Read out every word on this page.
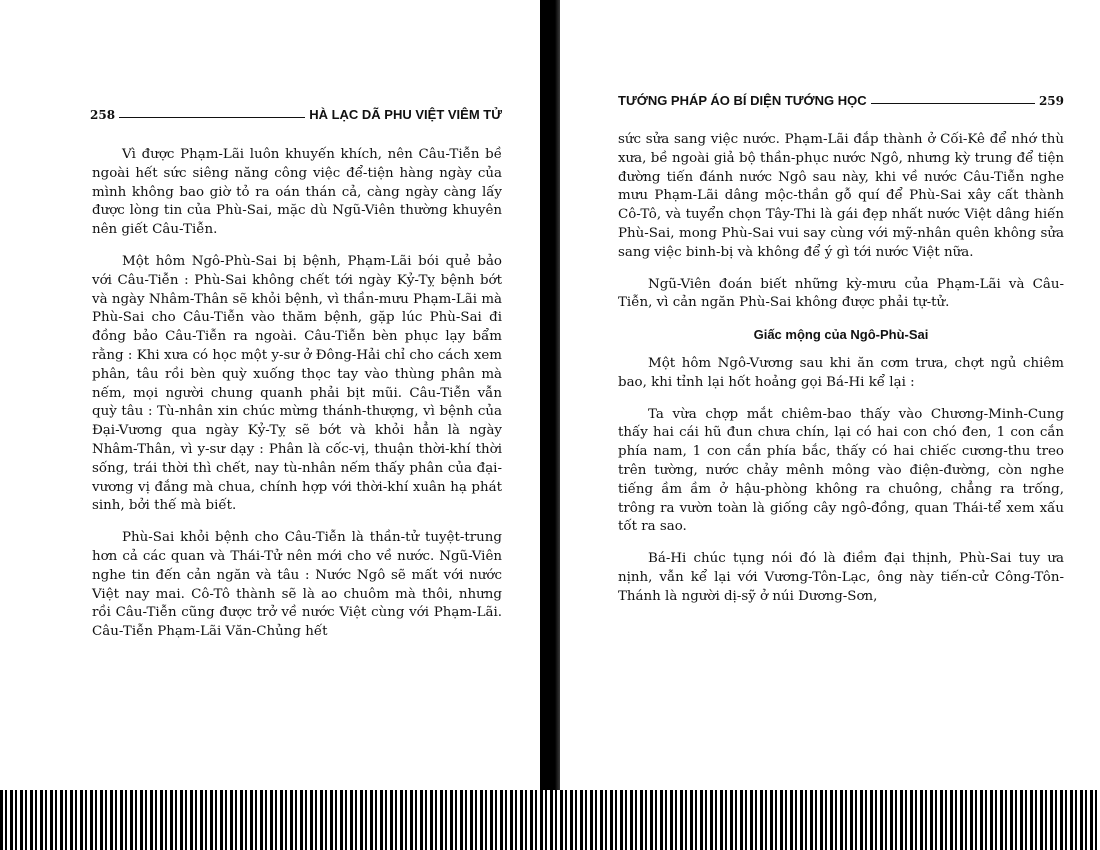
258	HÀ LẠC DÃ PHU VIỆT VIÊM TỬ

Vì được Phạm-Lãi luôn khuyến khích, nên Câu-Tiễn bề ngoài hết sức siêng năng công việc để-tiện hàng ngày của mình không bao giờ tỏ ra oán thán cả, càng ngày càng lấy được lòng tin của Phù-Sai, mặc dù Ngũ-Viên thường khuyên nên giết Câu-Tiễn.

Một hôm Ngô-Phù-Sai bị bệnh, Phạm-Lãi bói quẻ bảo với Câu-Tiễn : Phù-Sai không chết tới ngày Kỷ-Tỵ bệnh bớt và ngày Nhâm-Thân sẽ khỏi bệnh, vì thần-mưu Phạm-Lãi mà Phù-Sai cho Câu-Tiễn vào thăm bệnh, gặp lúc Phù-Sai đi đồng bảo Câu-Tiễn ra ngoài. Câu-Tiễn bèn phục lạy bẩm rằng : Khi xưa có học một y-sư ở Đông-Hải chỉ cho cách xem phân, tâu rồi bèn quỳ xuống thọc tay vào thùng phân mà nếm, mọi người chung quanh phải bịt mũi. Câu-Tiễn vẫn quỳ tâu : Tù-nhân xin chúc mừng thánh-thượng, vì bệnh của Đại-Vương qua ngày Kỷ-Tỵ sẽ bớt và khỏi hẳn là ngày Nhâm-Thân, vì y-sư dạy : Phân là cốc-vị, thuận thời-khí thời sống, trái thời thì chết, nay tù-nhân nếm thấy phân của đại-vương vị đắng mà chua, chính hợp với thời-khí xuân hạ phát sinh, bởi thế mà biết.

Phù-Sai khỏi bệnh cho Câu-Tiễn là thần-tử tuyệt-trung hơn cả các quan và Thái-Tử nên mới cho về nước. Ngũ-Viên nghe tin đến cản ngăn và tâu : Nước Ngô sẽ mất với nước Việt nay mai. Cô-Tô thành sẽ là ao chuôm mà thôi, nhưng rồi Câu-Tiễn cũng được trở về nước Việt cùng với Phạm-Lãi. Câu-Tiễn Phạm-Lãi Văn-Chủng hết

TƯỚNG PHÁP ÁO BÍ DIỆN TƯỚNG HỌC	259

sức sửa sang việc nước. Phạm-Lãi đắp thành ở Cối-Kê để nhớ thù xưa, bề ngoài giả bộ thần-phục nước Ngô, nhưng kỳ trung để tiện đường tiến đánh nước Ngô sau này, khi về nước Câu-Tiễn nghe mưu Phạm-Lãi dâng mộc-thần gỗ quí để Phù-Sai xây cất thành Cô-Tô, và tuyển chọn Tây-Thi là gái đẹp nhất nước Việt dâng hiến Phù-Sai, mong Phù-Sai vui say cùng với mỹ-nhân quên không sửa sang việc binh-bị và không để ý gì tới nước Việt nữa.

Ngũ-Viên đoán biết những kỳ-mưu của Phạm-Lãi và Câu-Tiễn, vì cản ngăn Phù-Sai không được phải tự-tử.

Giấc mộng của Ngô-Phù-Sai

Một hôm Ngô-Vương sau khi ăn cơm trưa, chợt ngủ chiêm bao, khi tỉnh lại hốt hoảng gọi Bá-Hi kể lại :

Ta vừa chợp mắt chiêm-bao thấy vào Chương-Minh-Cung thấy hai cái hũ đun chưa chín, lại có hai con chó đen, 1 con cắn phía nam, 1 con cắn phía bắc, thấy có hai chiếc cương-thu treo trên tường, nước chảy mênh mông vào điện-đường, còn nghe tiếng ầm ầm ở hậu-phòng không ra chuông, chẳng ra trống, trông ra vườn toàn là giống cây ngô-đồng, quan Thái-tể xem xấu tốt ra sao.

Bá-Hi chúc tụng nói đó là điềm đại thịnh, Phù-Sai tuy ưa nịnh, vẫn kể lại với Vương-Tôn-Lạc, ông này tiến-cử Công-Tôn-Thánh là người dị-sỹ ở núi Dương-Sơn,
